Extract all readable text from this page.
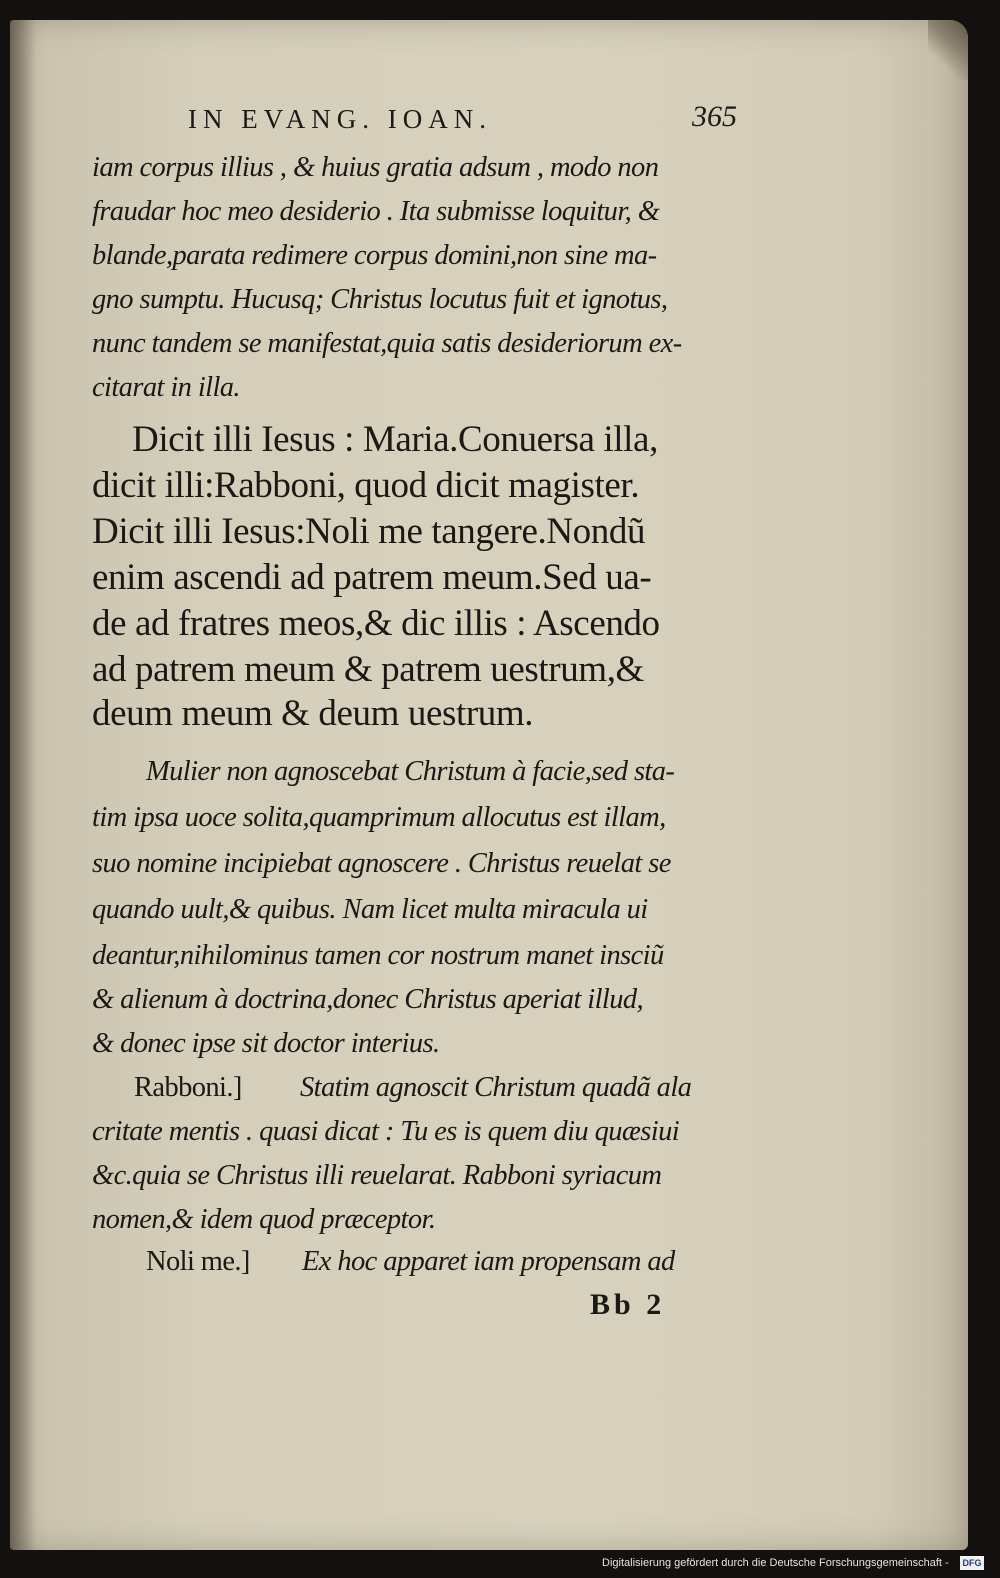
IN EVANG. IOAN.	365
iam corpus illius , & huius gratia adsum , modo non
fraudar hoc meo desiderio . Ita submisse loquitur, &
blande,parata redimere corpus domini,non sine ma-
gno sumptu. Hucusq; Christus locutus fuit et ignotus,
nunc tandem se manifestat,quia satis desideriorum ex-
citarat in illa.
Dicit illi Iesus : Maria.Conuersa illa,
dicit illi:Rabboni, quod dicit magister.
Dicit illi Iesus:Noli me tangere.Nondũ
enim ascendi ad patrem meum.Sed ua-
de ad fratres meos,& dic illis : Ascendo
ad patrem meum & patrem uestrum,&
deum meum & deum uestrum.
Mulier non agnoscebat Christum à facie,sed sta-
tim ipsa uoce solita,quamprimum allocutus est illam,
suo nomine incipiebat agnoscere . Christus reuelat se
quando uult,& quibus. Nam licet multa miracula ui
deantur,nihilominus tamen cor nostrum manet insciũ
& alienum à doctrina,donec Christus aperiat illud,
& donec ipse sit doctor interius.
Rabboni.] Statim agnoscit Christum quadã ala
critate mentis . quasi dicat : Tu es is quem diu quæsiui
&c.quia se Christus illi reuelarat. Rabboni syriacum
nomen,& idem quod præceptor.
Noli me.] Ex hoc apparet iam propensam ad
Bb 2
Digitalisierung gefördert durch die Deutsche Forschungsgemeinschaft - DFG
